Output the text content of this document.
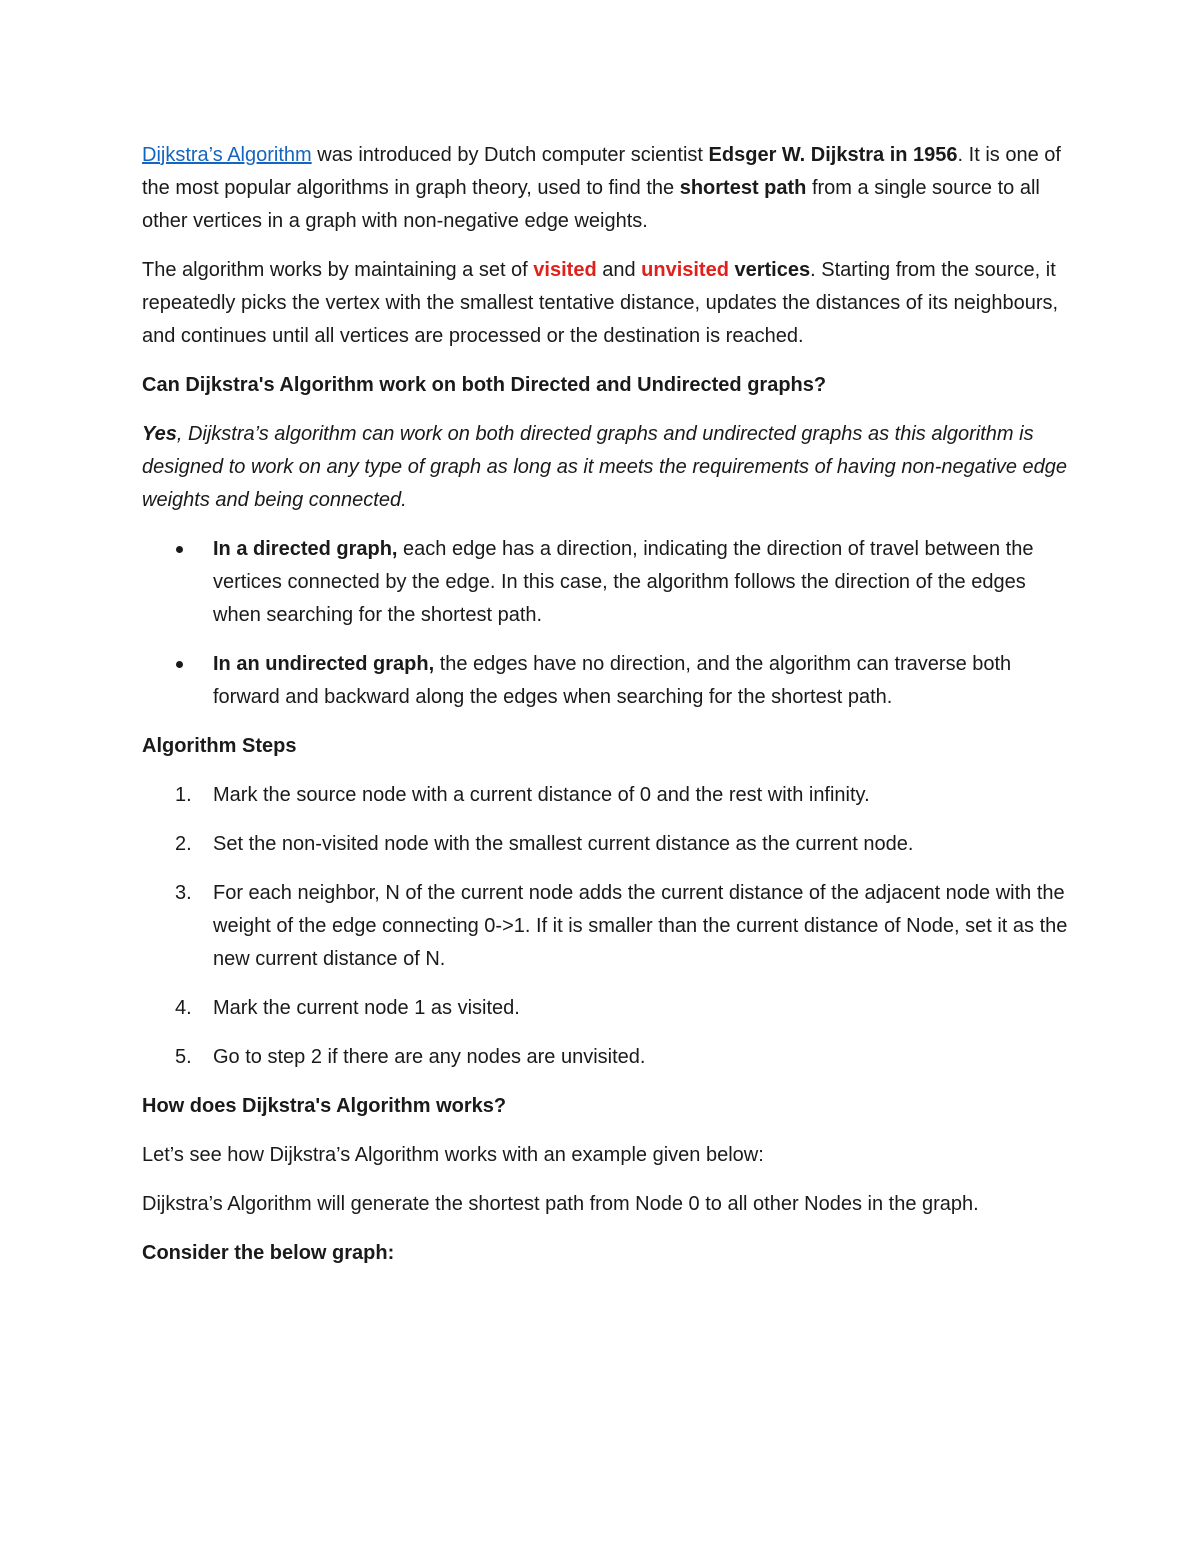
Dijkstra’s Algorithm was introduced by Dutch computer scientist Edsger W. Dijkstra in 1956. It is one of the most popular algorithms in graph theory, used to find the shortest path from a single source to all other vertices in a graph with non-negative edge weights.

The algorithm works by maintaining a set of visited and unvisited vertices. Starting from the source, it repeatedly picks the vertex with the smallest tentative distance, updates the distances of its neighbours, and continues until all vertices are processed or the destination is reached.

Can Dijkstra's Algorithm work on both Directed and Undirected graphs?

Yes, Dijkstra’s algorithm can work on both directed graphs and undirected graphs as this algorithm is designed to work on any type of graph as long as it meets the requirements of having non-negative edge weights and being connected.

In a directed graph, each edge has a direction, indicating the direction of travel between the vertices connected by the edge. In this case, the algorithm follows the direction of the edges when searching for the shortest path.
In an undirected graph, the edges have no direction, and the algorithm can traverse both forward and backward along the edges when searching for the shortest path.

Algorithm Steps

1. Mark the source node with a current distance of 0 and the rest with infinity.
2. Set the non-visited node with the smallest current distance as the current node.
3. For each neighbor, N of the current node adds the current distance of the adjacent node with the weight of the edge connecting 0->1. If it is smaller than the current distance of Node, set it as the new current distance of N.
4. Mark the current node 1 as visited.
5. Go to step 2 if there are any nodes are unvisited.

How does Dijkstra's Algorithm works?

Let’s see how Dijkstra’s Algorithm works with an example given below:

Dijkstra’s Algorithm will generate the shortest path from Node 0 to all other Nodes in the graph.

Consider the below graph:
